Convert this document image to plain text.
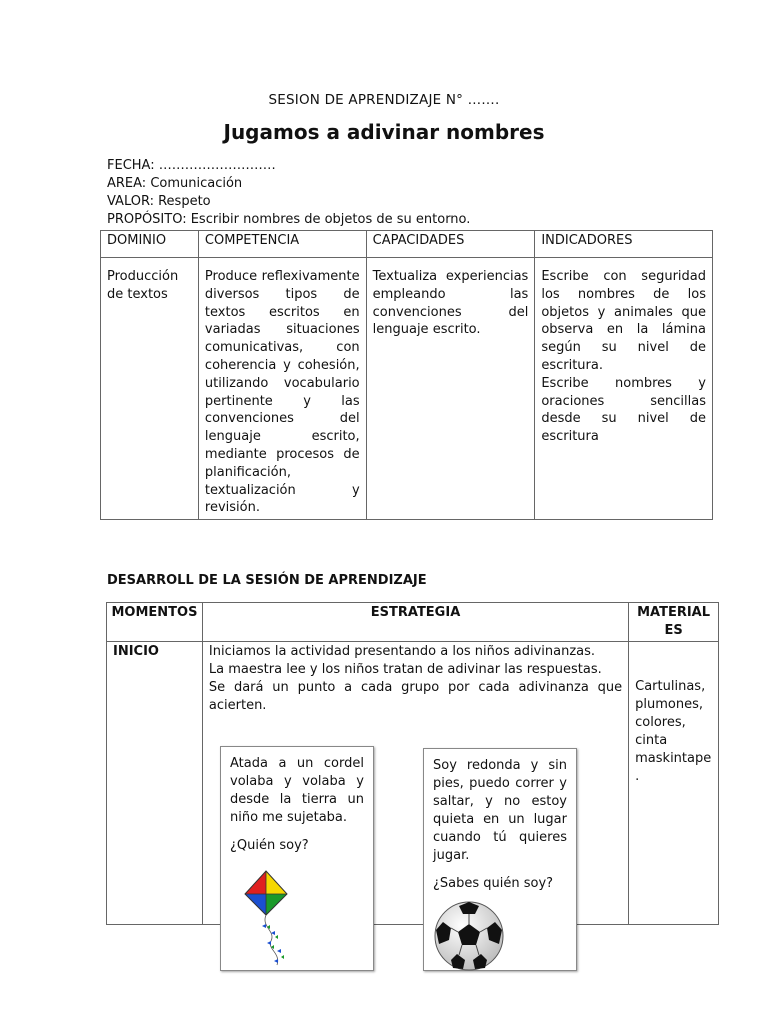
SESION DE APRENDIZAJE N° …….
Jugamos a adivinar nombres
FECHA: ………………………
AREA: Comunicación
VALOR: Respeto
PROPÓSITO: Escribir nombres de objetos de su entorno.
DOMINIO	COMPETENCIA	CAPACIDADES	INDICADORES
Producción de textos	Produce reflexivamente diversos tipos de textos escritos en variadas situaciones comunicativas, con coherencia y cohesión, utilizando vocabulario pertinente y las convenciones del lenguaje escrito, mediante procesos de planificación, textualización y revisión.	Textualiza experiencias empleando las convenciones del lenguaje escrito.	Escribe con seguridad los nombres de los objetos y animales que observa en la lámina según su nivel de escritura.
Escribe nombres y oraciones sencillas desde su nivel de escritura
DESARROLL DE LA SESIÓN DE APRENDIZAJE
MOMENTOS	ESTRATEGIA	MATERIALES
INICIO	Iniciamos la actividad presentando a los niños adivinanzas.
La maestra lee y los niños tratan de adivinar las respuestas.
Se dará un punto a cada grupo por cada adivinanza que acierten.	Cartulinas, plumones, colores, cinta maskintape.

Atada a un cordel volaba y volaba y desde la tierra un niño me sujetaba.

¿Quién soy?

Soy redonda y sin pies, puedo correr y saltar, y no estoy quieta en un lugar cuando tú quieres jugar.

¿Sabes quién soy?
